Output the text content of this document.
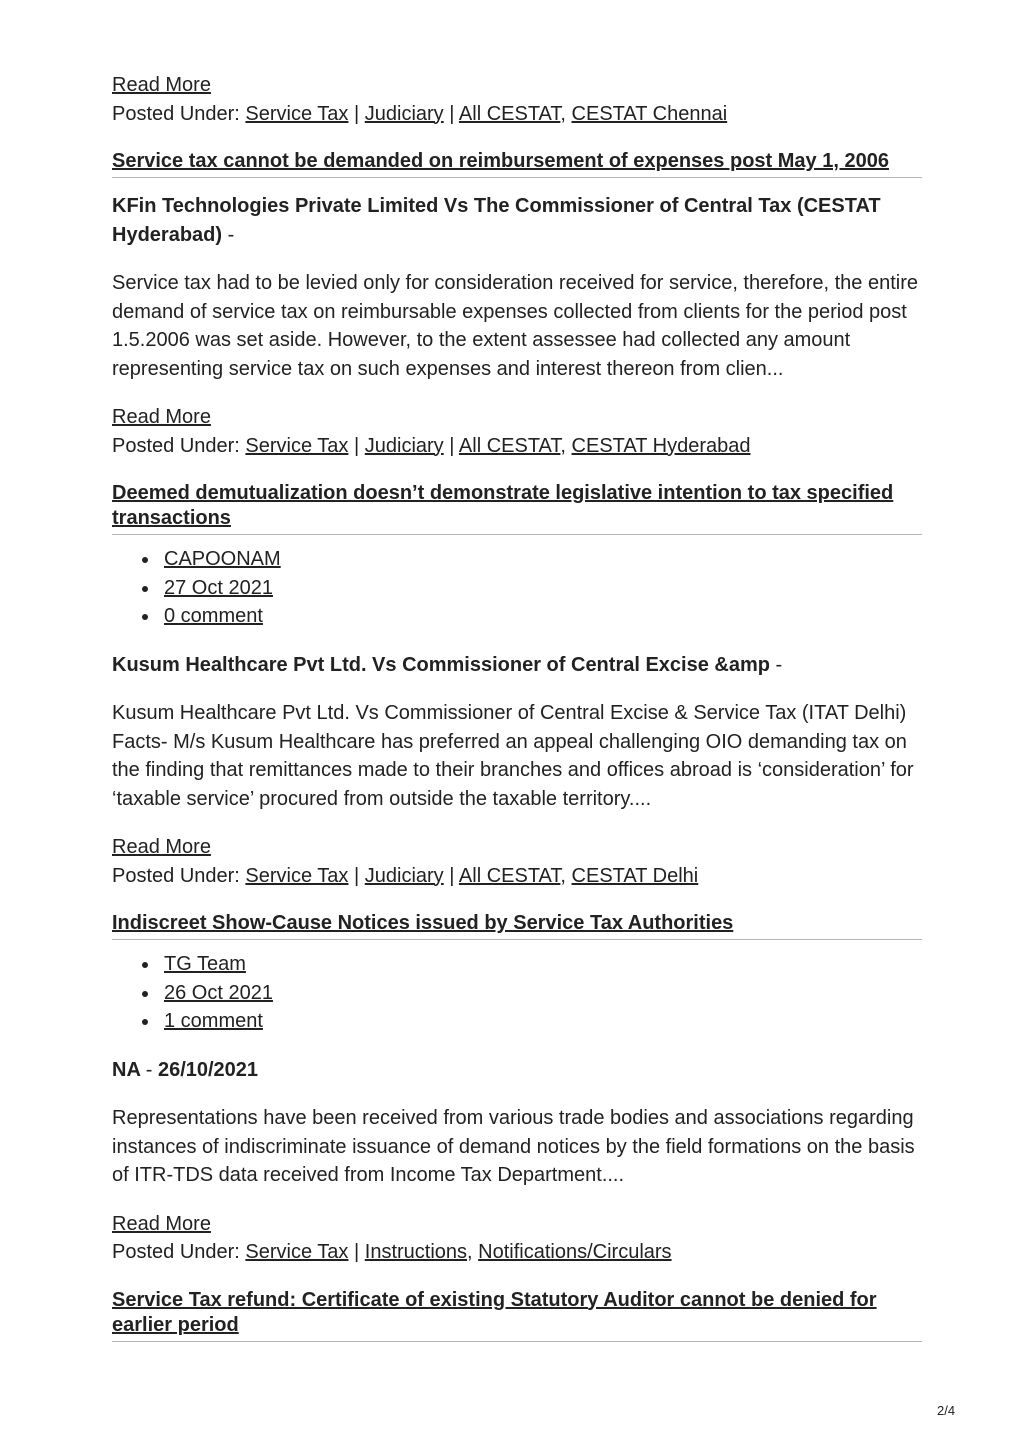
Read More

Posted Under: Service Tax | Judiciary | All CESTAT, CESTAT Chennai

Service tax cannot be demanded on reimbursement of expenses post May 1, 2006

KFin Technologies Private Limited Vs The Commissioner of Central Tax (CESTAT Hyderabad) -

Service tax had to be levied only for consideration received for service, therefore, the entire demand of service tax on reimbursable expenses collected from clients for the period post 1.5.2006 was set aside. However, to the extent assessee had collected any amount representing service tax on such expenses and interest thereon from clien...

Read More

Posted Under: Service Tax | Judiciary | All CESTAT, CESTAT Hyderabad

Deemed demutualization doesn’t demonstrate legislative intention to tax specified transactions
CAPOONAM
27 Oct 2021
0 comment

Kusum Healthcare Pvt Ltd. Vs Commissioner of Central Excise &amp -

Kusum Healthcare Pvt Ltd. Vs Commissioner of Central Excise & Service Tax (ITAT Delhi) Facts- M/s Kusum Healthcare has preferred an appeal challenging OIO demanding tax on the finding that remittances made to their branches and offices abroad is ‘consideration’ for ‘taxable service’ procured from outside the taxable territory....

Read More

Posted Under: Service Tax | Judiciary | All CESTAT, CESTAT Delhi

Indiscreet Show-Cause Notices issued by Service Tax Authorities
TG Team
26 Oct 2021
1 comment

NA - 26/10/2021

Representations have been received from various trade bodies and associations regarding instances of indiscriminate issuance of demand notices by the field formations on the basis of ITR-TDS data received from Income Tax Department....

Read More

Posted Under: Service Tax | Instructions, Notifications/Circulars

Service Tax refund: Certificate of existing Statutory Auditor cannot be denied for earlier period
2/4
